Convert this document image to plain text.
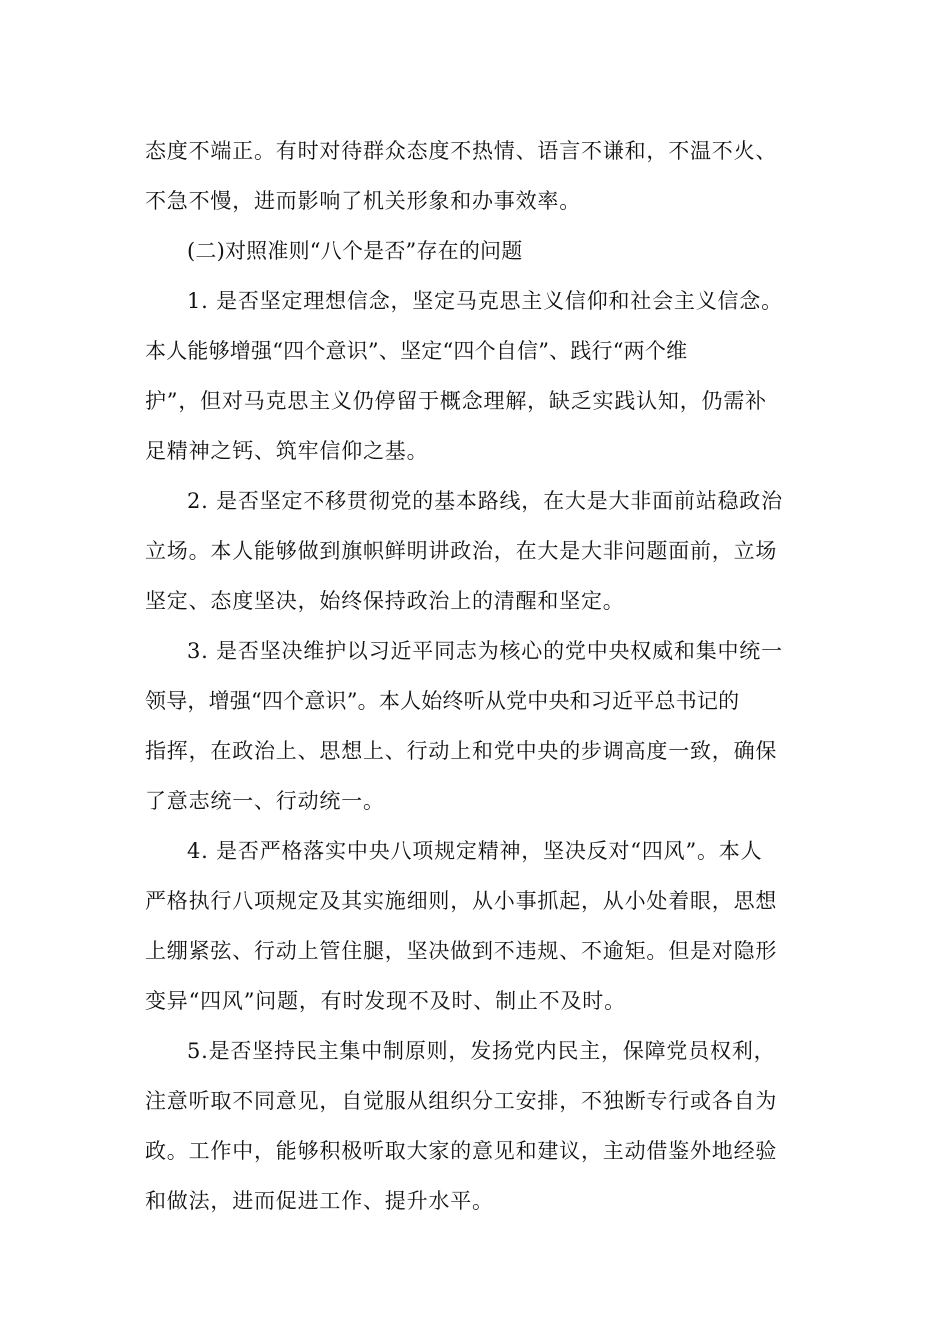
态度不端正。有时对待群众态度不热情、语言不谦和，不温不火、
不急不慢，进而影响了机关形象和办事效率。
(二)对照准则“八个是否”存在的问题
1. 是否坚定理想信念，坚定马克思主义信仰和社会主义信念。
本人能够增强“四个意识”、坚定“四个自信”、践行“两个维
护”，但对马克思主义仍停留于概念理解，缺乏实践认知，仍需补
足精神之钙、筑牢信仰之基。
2. 是否坚定不移贯彻党的基本路线，在大是大非面前站稳政治
立场。本人能够做到旗帜鲜明讲政治，在大是大非问题面前，立场
坚定、态度坚决，始终保持政治上的清醒和坚定。
3. 是否坚决维护以习近平同志为核心的党中央权威和集中统一
领导，增强“四个意识”。本人始终听从党中央和习近平总书记的
指挥，在政治上、思想上、行动上和党中央的步调高度一致，确保
了意志统一、行动统一。
4. 是否严格落实中央八项规定精神，坚决反对“四风”。本人
严格执行八项规定及其实施细则，从小事抓起，从小处着眼，思想
上绷紧弦、行动上管住腿，坚决做到不违规、不逾矩。但是对隐形
变异“四风”问题，有时发现不及时、制止不及时。
5.是否坚持民主集中制原则，发扬党内民主，保障党员权利，
注意听取不同意见，自觉服从组织分工安排，不独断专行或各自为
政。工作中，能够积极听取大家的意见和建议，主动借鉴外地经验
和做法，进而促进工作、提升水平。
